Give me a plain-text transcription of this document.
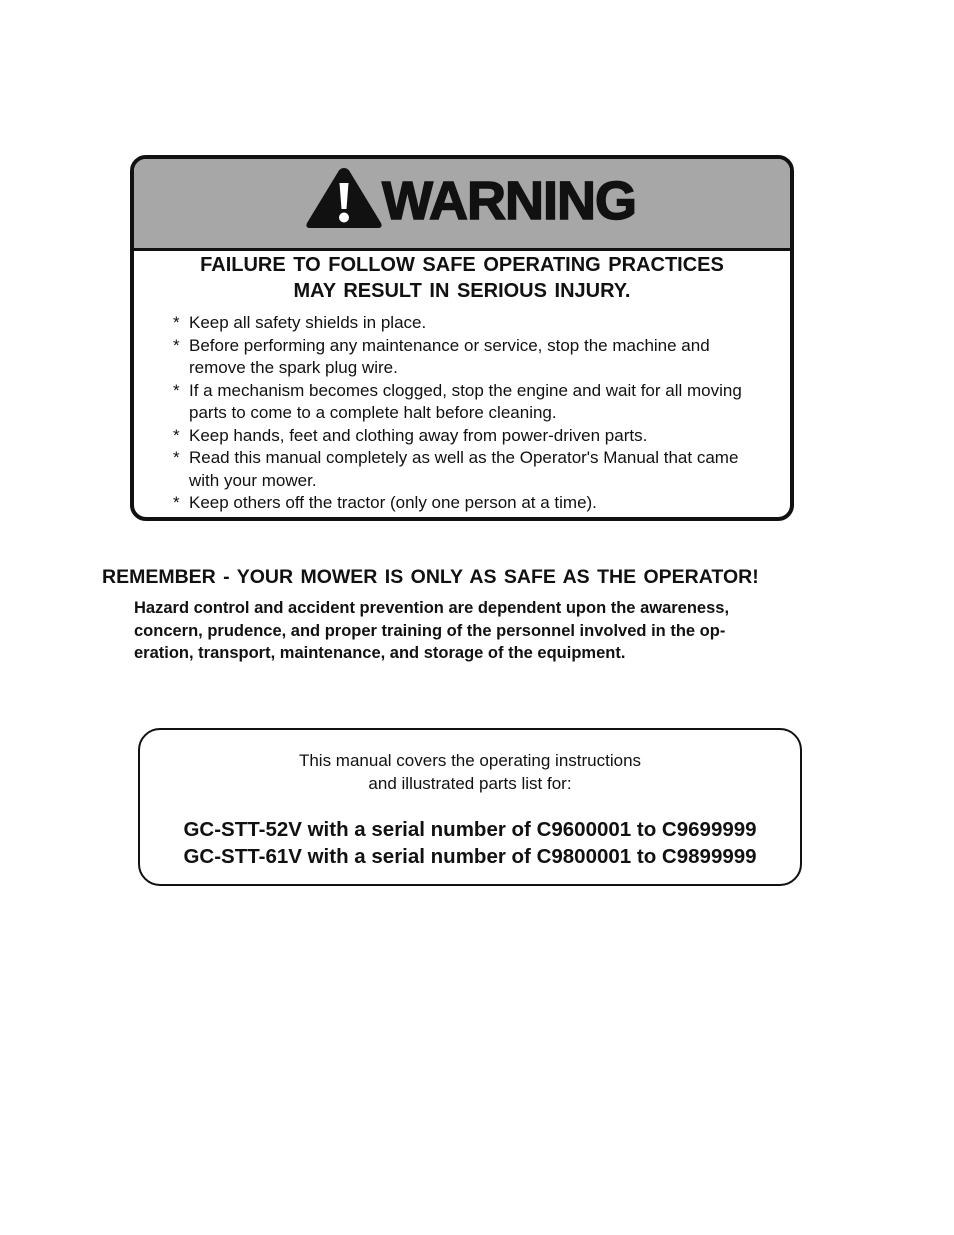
WARNING
FAILURE TO FOLLOW SAFE OPERATING PRACTICES
MAY RESULT IN SERIOUS INJURY.
* Keep all safety shields in place.
* Before performing any maintenance or service, stop the machine and
remove the spark plug wire.
* If a mechanism becomes clogged, stop the engine and wait for all moving
parts to come to a complete halt before cleaning.
* Keep hands, feet and clothing away from power-driven parts.
* Read this manual completely as well as the Operator's Manual that came
with your mower.
* Keep others off the tractor (only one person at a time).
REMEMBER - YOUR MOWER IS ONLY AS SAFE AS THE OPERATOR!
Hazard control and accident prevention are dependent upon the awareness,
concern, prudence, and proper training of the personnel involved in the op-
eration, transport, maintenance, and storage of the equipment.
This manual covers the operating instructions
and illustrated parts list for:
GC-STT-52V with a serial number of C9600001 to C9699999
GC-STT-61V with a serial number of C9800001 to C9899999
